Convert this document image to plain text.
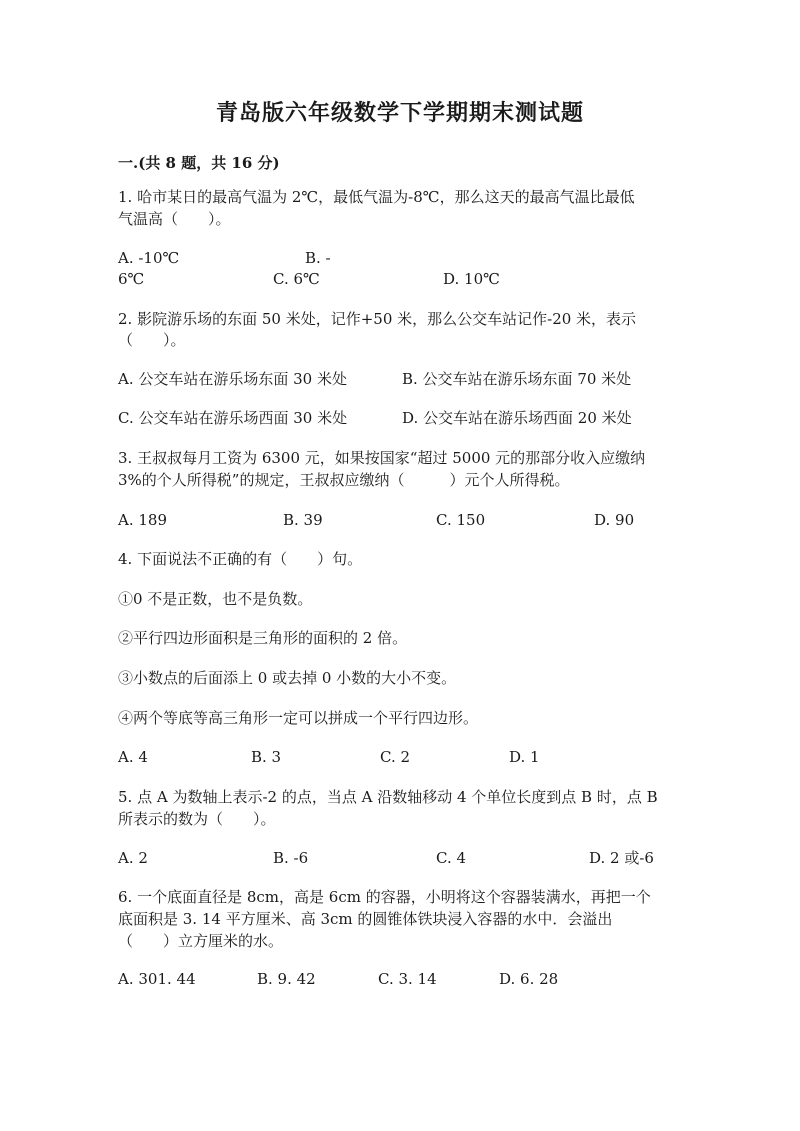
青岛版六年级数学下学期期末测试题
一.(共 8 题，共 16 分)
1. 哈市某日的最高气温为 2℃，最低气温为-8℃，那么这天的最高气温比最低
气温高（　　）。
A. -10℃	B. -
6℃	C. 6℃	D. 10℃
2. 影院游乐场的东面 50 米处，记作+50 米，那么公交车站记作-20 米，表示
（　　）。
A. 公交车站在游乐场东面 30 米处	B. 公交车站在游乐场东面 70 米处
C. 公交车站在游乐场西面 30 米处	D. 公交车站在游乐场西面 20 米处
3. 王叔叔每月工资为 6300 元，如果按国家“超过 5000 元的那部分收入应缴纳
3%的个人所得税”的规定，王叔叔应缴纳（　　　）元个人所得税。
A. 189	B. 39	C. 150	D. 90
4. 下面说法不正确的有（　　）句。
①0 不是正数，也不是负数。
②平行四边形面积是三角形的面积的 2 倍。
③小数点的后面添上 0 或去掉 0 小数的大小不变。
④两个等底等高三角形一定可以拼成一个平行四边形。
A. 4	B. 3	C. 2	D. 1
5. 点 A 为数轴上表示-2 的点，当点 A 沿数轴移动 4 个单位长度到点 B 时，点 B
所表示的数为（　　）。
A. 2	B. -6	C. 4	D. 2 或-6
6. 一个底面直径是 8cm，高是 6cm 的容器，小明将这个容器装满水，再把一个
底面积是 3. 14 平方厘米、高 3cm 的圆锥体铁块浸入容器的水中．会溢出
（　　）立方厘米的水。
A. 301. 44	B. 9. 42	C. 3. 14	D. 6. 28
